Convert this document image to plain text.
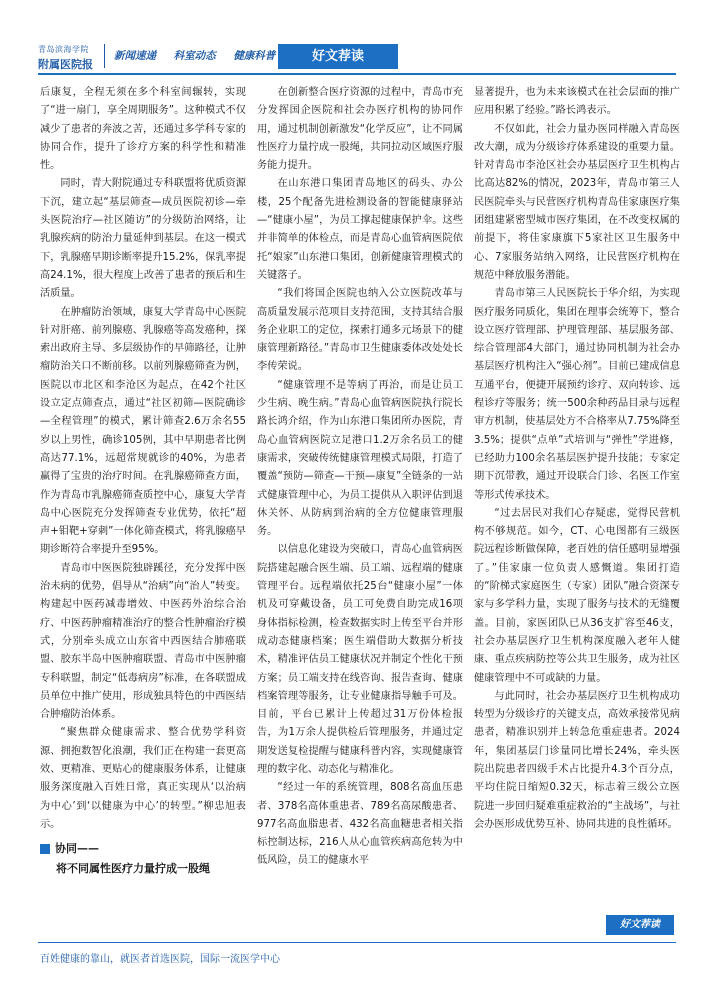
青岛滨海学院
附属医院报
新闻速递 科室动态 健康科普	好文荐读

后康复，全程无须在多个科室间辗转，实现了“进一扇门，享全周期服务”。这种模式不仅减少了患者的奔波之苦，还通过多学科专家的协同合作，提升了诊疗方案的科学性和精准性。

同时，青大附院通过专科联盟将优质资源下沉，建立起“基层筛查—成员医院初诊—牵头医院治疗—社区随访”的分级防治网络，让乳腺疾病的防治力量延伸到基层。在这一模式下，乳腺癌早期诊断率提升15.2%，保乳率提高24.1%，很大程度上改善了患者的预后和生活质量。

在肿瘤防治领域，康复大学青岛中心医院针对肝癌、前列腺癌、乳腺癌等高发癌种，探索出政府主导、多层级协作的早筛路径，让肿瘤防治关口不断前移。以前列腺癌筛查为例，医院以市北区和李沧区为起点，在42个社区设立定点筛查点，通过“社区初筛—医院确诊—全程管理”的模式，累计筛查2.6万余名55岁以上男性，确诊105例，其中早期患者比例高达77.1%，远超常规就诊的40%，为患者赢得了宝贵的治疗时间。在乳腺癌筛查方面，作为青岛市乳腺癌筛查质控中心，康复大学青岛中心医院充分发挥筛查专业优势，依托“超声+钼靶+穿刺”一体化筛查模式，将乳腺癌早期诊断符合率提升至95%。

青岛市中医医院独辟蹊径，充分发挥中医治未病的优势，倡导从“治病”向“治人”转变。构建起中医药减毒增效、中医药外治综合治疗、中医药肿瘤精准治疗的整合性肿瘤治疗模式，分别牵头成立山东省中西医结合肺癌联盟、胶东半岛中医肿瘤联盟、青岛市中医肿瘤专科联盟，制定“低毒病房”标准，在各联盟成员单位中推广使用，形成独具特色的中西医结合肿瘤防治体系。

“聚焦群众健康需求、整合优势学科资源、拥抱数智化浪潮，我们正在构建一套更高效、更精准、更贴心的健康服务体系，让健康服务深度融入百姓日常，真正实现从‘以治病为中心’到‘以健康为中心’的转型。”柳忠旭表示。

协同——
将不同属性医疗力量拧成一股绳

在创新整合医疗资源的过程中，青岛市充分发挥国企医院和社会办医疗机构的协同作用，通过机制创新激发“化学反应”，让不同属性医疗力量拧成一股绳，共同拉动区域医疗服务能力提升。

在山东港口集团青岛地区的码头、办公楼，25个配备先进检测设备的智能健康驿站—“健康小屋”，为员工撑起健康保护伞。这些并非简单的体检点，而是青岛心血管病医院依托“娘家”山东港口集团，创新健康管理模式的关键落子。

“我们将国企医院也纳入公立医院改革与高质量发展示范项目支持范围，支持其结合服务企业职工的定位，探索打通多元场景下的健康管理新路径。”青岛市卫生健康委体改处处长李传荣说。

“健康管理不是等病了再治，而是让员工少生病、晚生病。”青岛心血管病医院执行院长路长鸿介绍，作为山东港口集团所办医院，青岛心血管病医院立足港口1.2万余名员工的健康需求，突破传统健康管理模式局限，打造了覆盖“预防—筛查—干预—康复”全链条的一站式健康管理中心，为员工提供从入职评估到退休关怀、从防病到治病的全方位健康管理服务。

以信息化建设为突破口，青岛心血管病医院搭建起融合医生端、员工端、远程端的健康管理平台。远程端依托25台“健康小屋”一体机及可穿戴设备，员工可免费自助完成16项身体指标检测，检查数据实时上传至平台并形成动态健康档案；医生端借助大数据分析技术，精准评估员工健康状况并制定个性化干预方案；员工端支持在线咨询、报告查询、健康档案管理等服务，让专业健康指导触手可及。目前，平台已累计上传超过31万份体检报告，为1万余人提供检后管理服务，并通过定期发送复检提醒与健康科普内容，实现健康管理的数字化、动态化与精准化。

“经过一年的系统管理，808名高血压患者、378名高体重患者、789名高尿酸患者、977名高血脂患者、432名高血糖患者相关指标控制达标，216人从心血管疾病高危转为中低风险，员工的健康水平

显著提升，也为未来该模式在社会层面的推广应用积累了经验。”路长鸿表示。

不仅如此，社会力量办医同样融入青岛医改大潮，成为分级诊疗体系建设的重要力量。针对青岛市李沧区社会办基层医疗卫生机构占比高达82%的情况，2023年，青岛市第三人民医院牵头与民营医疗机构青岛佳家康医疗集团组建紧密型城市医疗集团，在不改变权属的前提下，将佳家康旗下5家社区卫生服务中心、7家服务站纳入网络，让民营医疗机构在规范中释放服务潜能。

青岛市第三人民医院长于华介绍，为实现医疗服务同质化，集团在理事会统筹下，整合设立医疗管理部、护理管理部、基层服务部、综合管理部4大部门，通过协同机制为社会办基层医疗机构注入“强心剂”。目前已建成信息互通平台，便捷开展预约诊疗、双向转诊、远程诊疗等服务；统一500余种药品目录与远程审方机制，使基层处方不合格率从7.75%降至3.5%；提供“点单”式培训与“弹性”学进修，已经助力100余名基层医护提升技能；专家定期下沉带教，通过开设联合门诊、名医工作室等形式传承技术。

“过去居民对我们心存疑虑，觉得民营机构不够规范。如今，CT、心电图都有三级医院远程诊断做保障，老百姓的信任感明显增强了。”佳家康一位负责人感慨道。集团打造的“阶梯式家庭医生（专家）团队”融合资深专家与多学科力量，实现了服务与技术的无缝覆盖。目前，家医团队已从36支扩容至46支，社会办基层医疗卫生机构深度融入老年人健康、重点疾病防控等公共卫生服务，成为社区健康管理中不可或缺的力量。

与此同时，社会办基层医疗卫生机构成功转型为分级诊疗的关键支点，高效承接常见病患者，精准识别并上转急危重症患者。2024年，集团基层门诊量同比增长24%，牵头医院出院患者四级手术占比提升4.3个百分点，平均住院日缩短0.32天，标志着三级公立医院进一步回归疑难重症救治的“主战场”，与社会办医形成优势互补、协同共进的良性循环。

好文荐读
百姓健康的靠山，就医者首选医院，国际一流医学中心
